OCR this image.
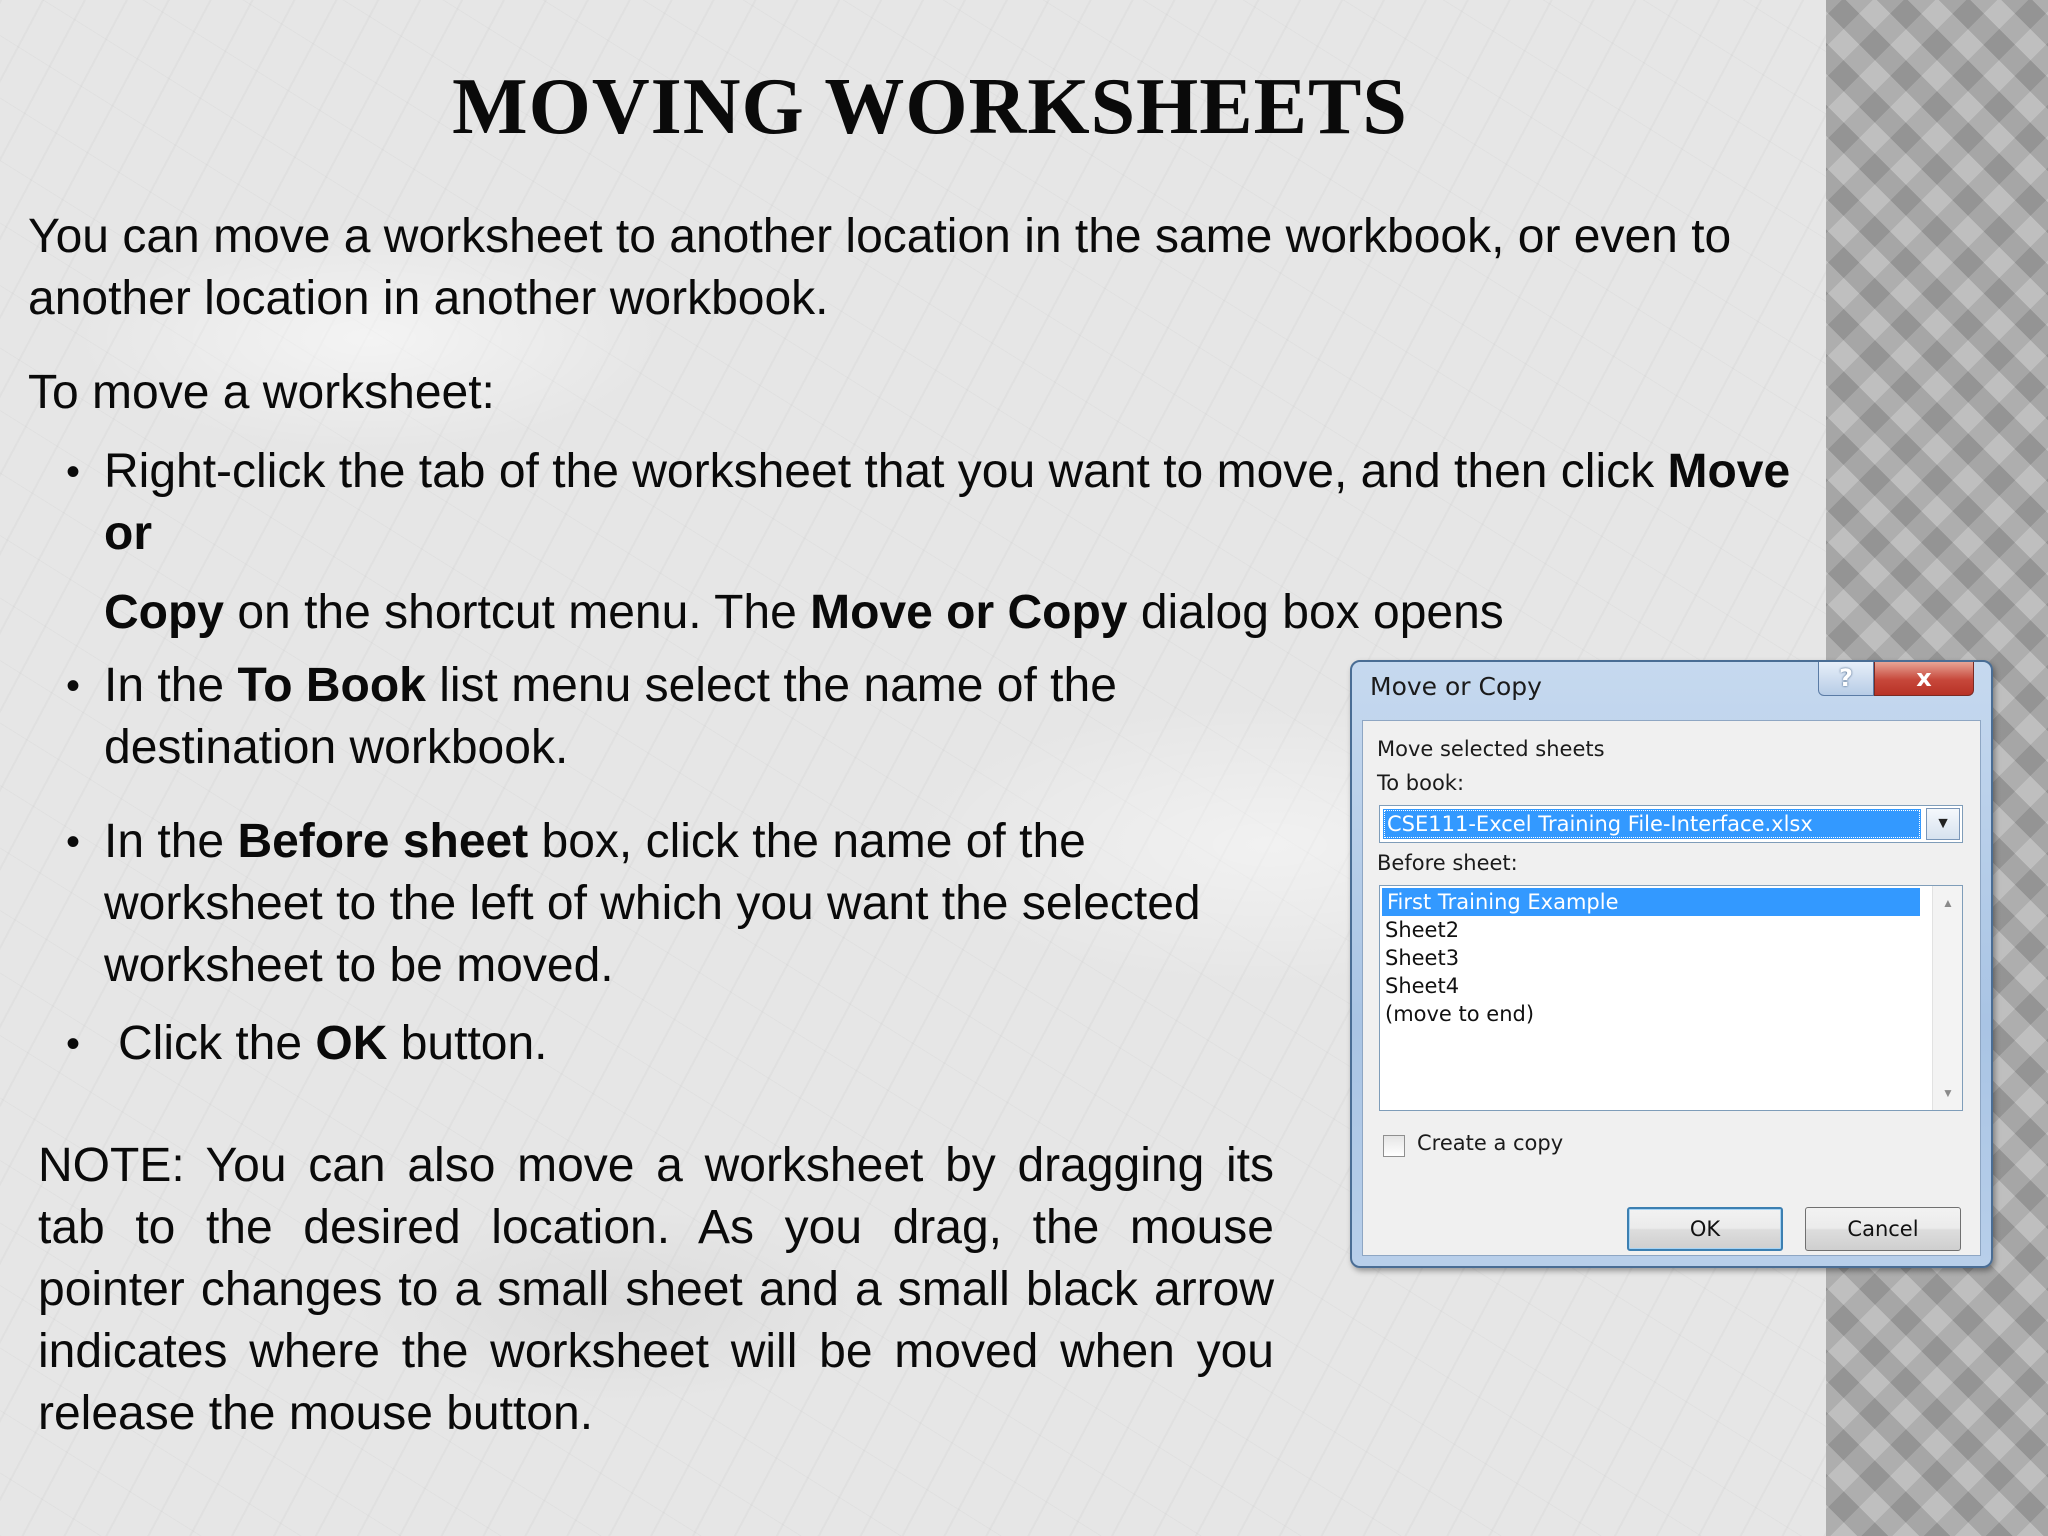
MOVING WORKSHEETS
You can move a worksheet to another location in the same workbook, or even to another location in another workbook.
To move a worksheet:
• Right-click the tab of the worksheet that you want to move, and then click Move
or
Copy on the shortcut menu. The Move or Copy dialog box opens
• In the To Book list menu select the name of the destination workbook.
• In the Before sheet box, click the name of the worksheet to the left of which you want the selected worksheet to be moved.
• Click the OK button.
NOTE: You can also move a worksheet by dragging its tab to the desired location. As you drag, the mouse pointer changes to a small sheet and a small black arrow indicates where the worksheet will be moved when you release the mouse button.
Move or Copy	?	x
Move selected sheets
To book:
CSE111-Excel Training File-Interface.xlsx	▼
Before sheet:
First Training Example
Sheet2
Sheet3
Sheet4
(move to end)
▲
▼
Create a copy
OK	Cancel
